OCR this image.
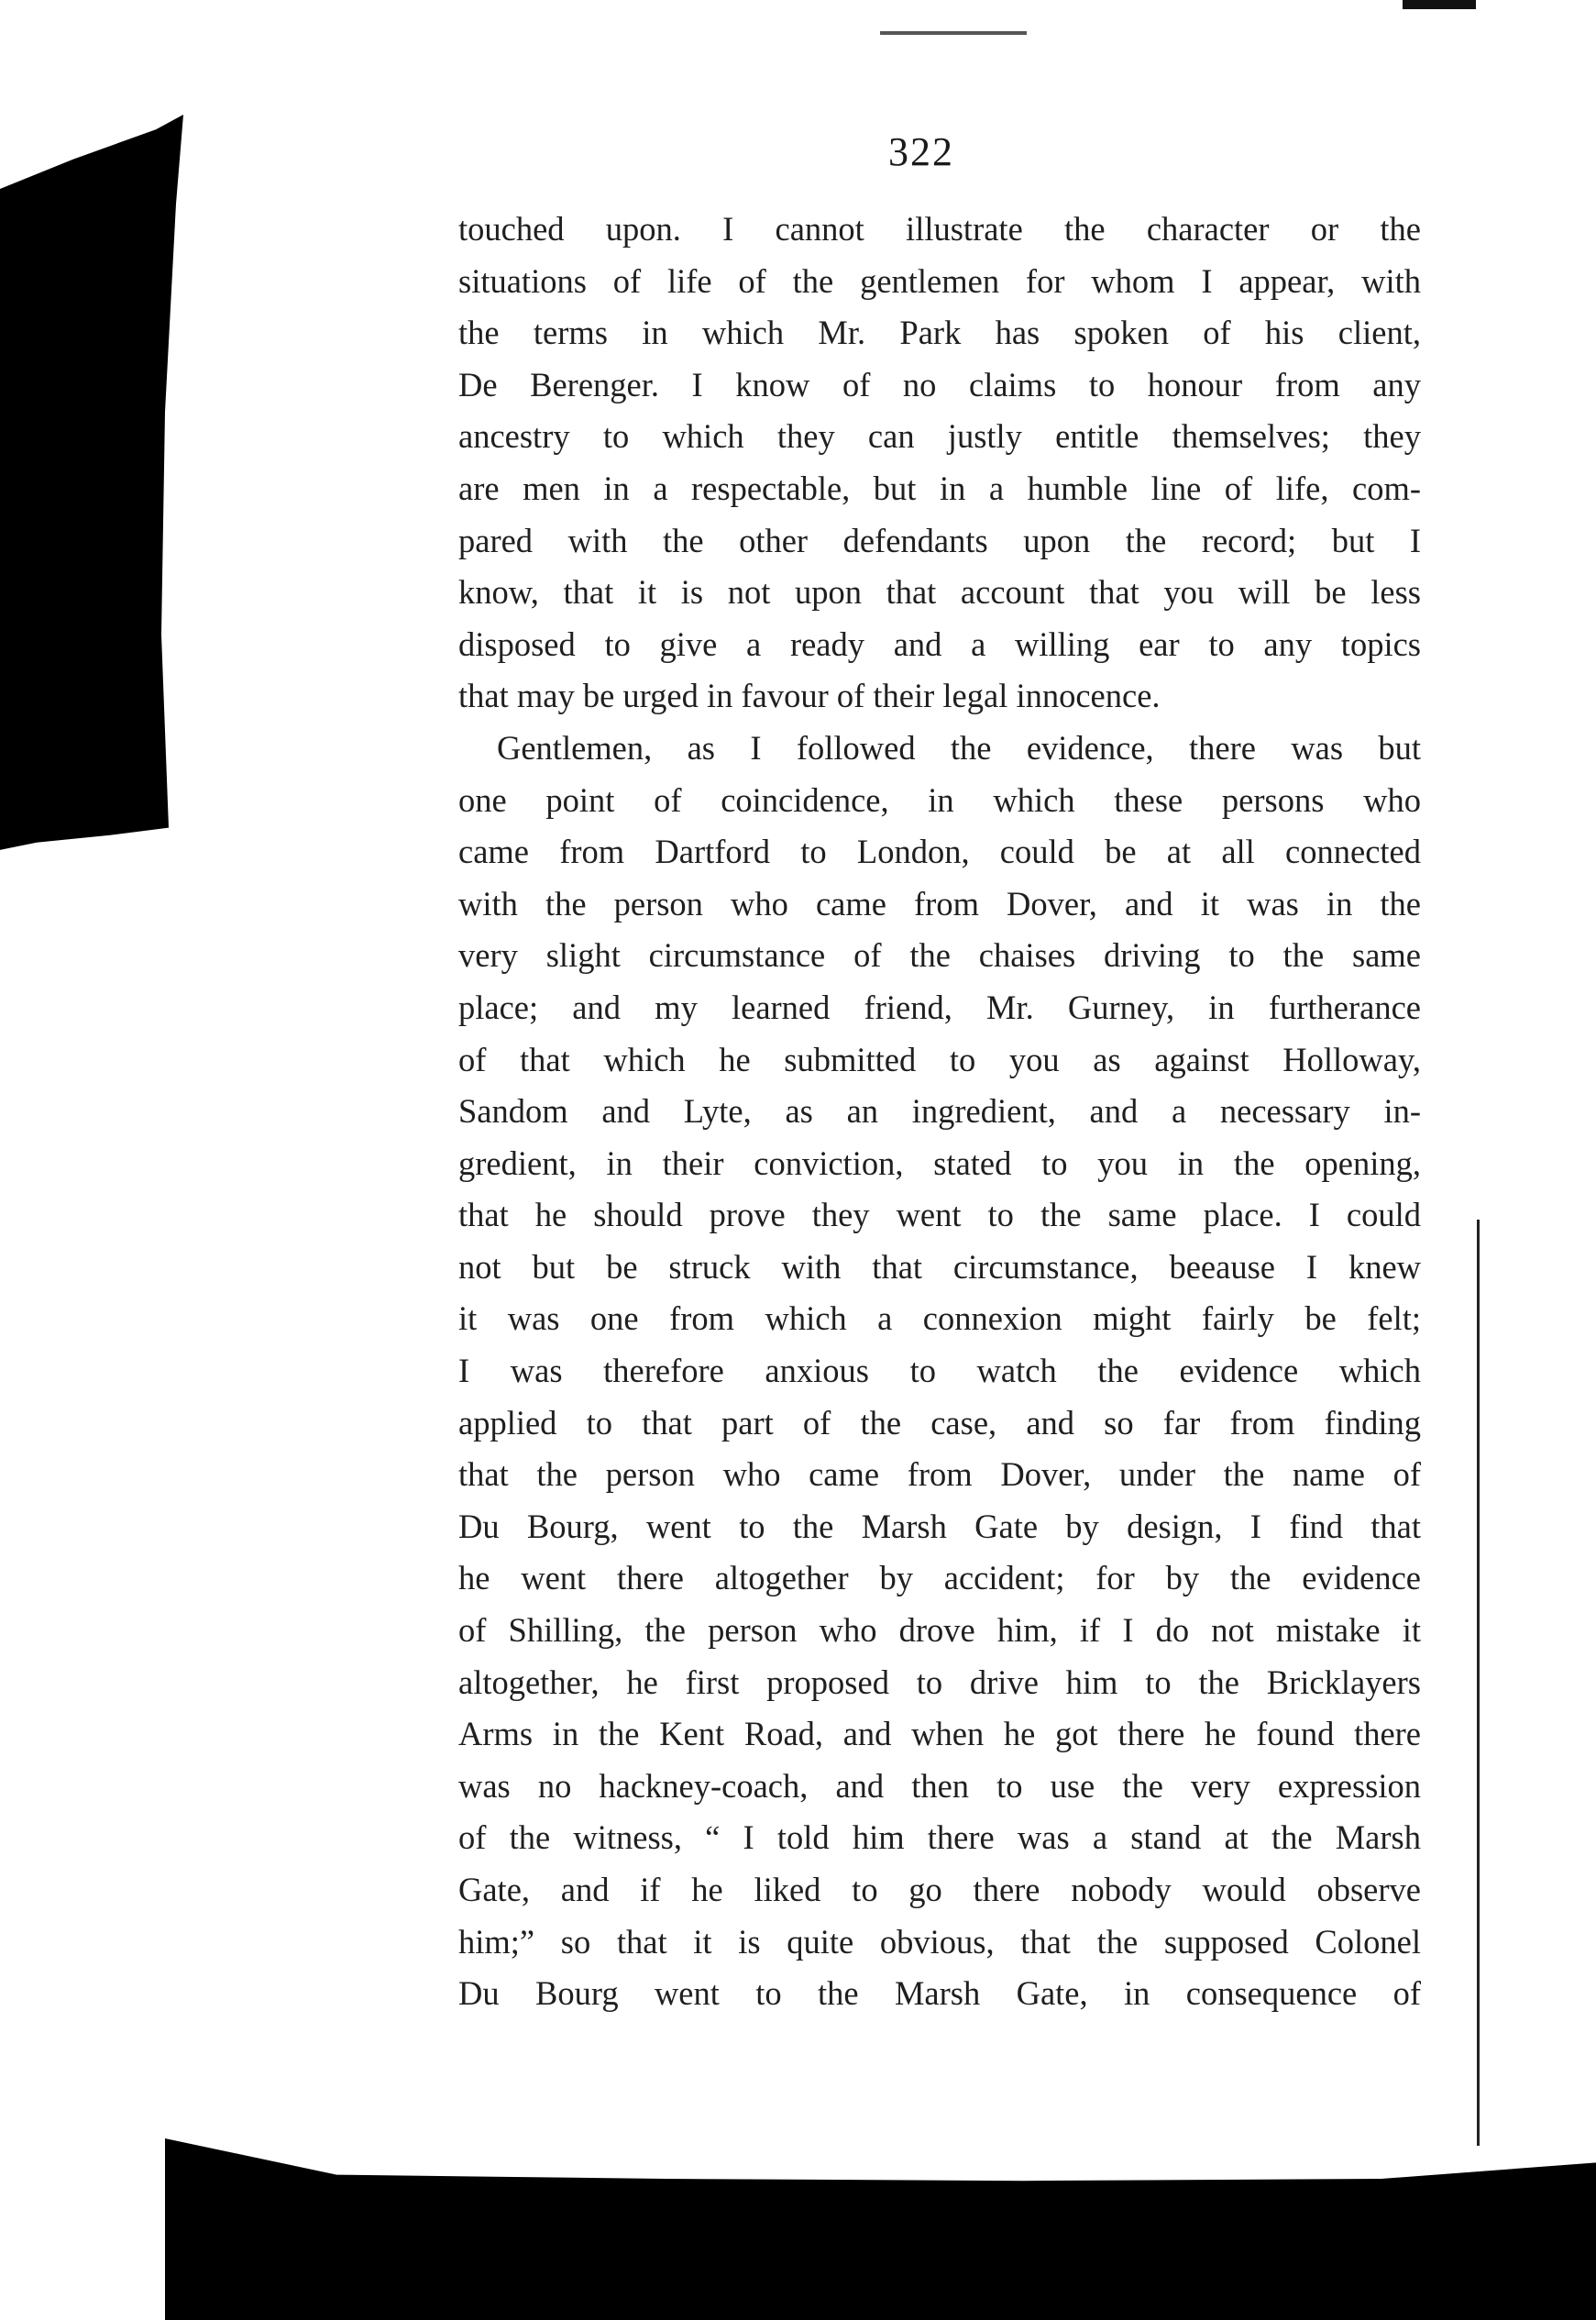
322
touched upon. I cannot illustrate the character or the
situations of life of the gentlemen for whom I appear, with
the terms in which Mr. Park has spoken of his client,
De Berenger. I know of no claims to honour from any
ancestry to which they can justly entitle themselves; they
are men in a respectable, but in a humble line of life, com-
pared with the other defendants upon the record; but I
know, that it is not upon that account that you will be less
disposed to give a ready and a willing ear to any topics
that may be urged in favour of their legal innocence.
Gentlemen, as I followed the evidence, there was but
one point of coincidence, in which these persons who
came from Dartford to London, could be at all connected
with the person who came from Dover, and it was in the
very slight circumstance of the chaises driving to the same
place; and my learned friend, Mr. Gurney, in furtherance
of that which he submitted to you as against Holloway,
Sandom and Lyte, as an ingredient, and a necessary in-
gredient, in their conviction, stated to you in the opening,
that he should prove they went to the same place. I could
not but be struck with that circumstance, beeause I knew
it was one from which a connexion might fairly be felt;
I was therefore anxious to watch the evidence which
applied to that part of the case, and so far from finding
that the person who came from Dover, under the name of
Du Bourg, went to the Marsh Gate by design, I find that
he went there altogether by accident; for by the evidence
of Shilling, the person who drove him, if I do not mistake it
altogether, he first proposed to drive him to the Bricklayers
Arms in the Kent Road, and when he got there he found there
was no hackney-coach, and then to use the very expression
of the witness, “ I told him there was a stand at the Marsh
Gate, and if he liked to go there nobody would observe
him;” so that it is quite obvious, that the supposed Colonel
Du Bourg went to the Marsh Gate, in consequence of
